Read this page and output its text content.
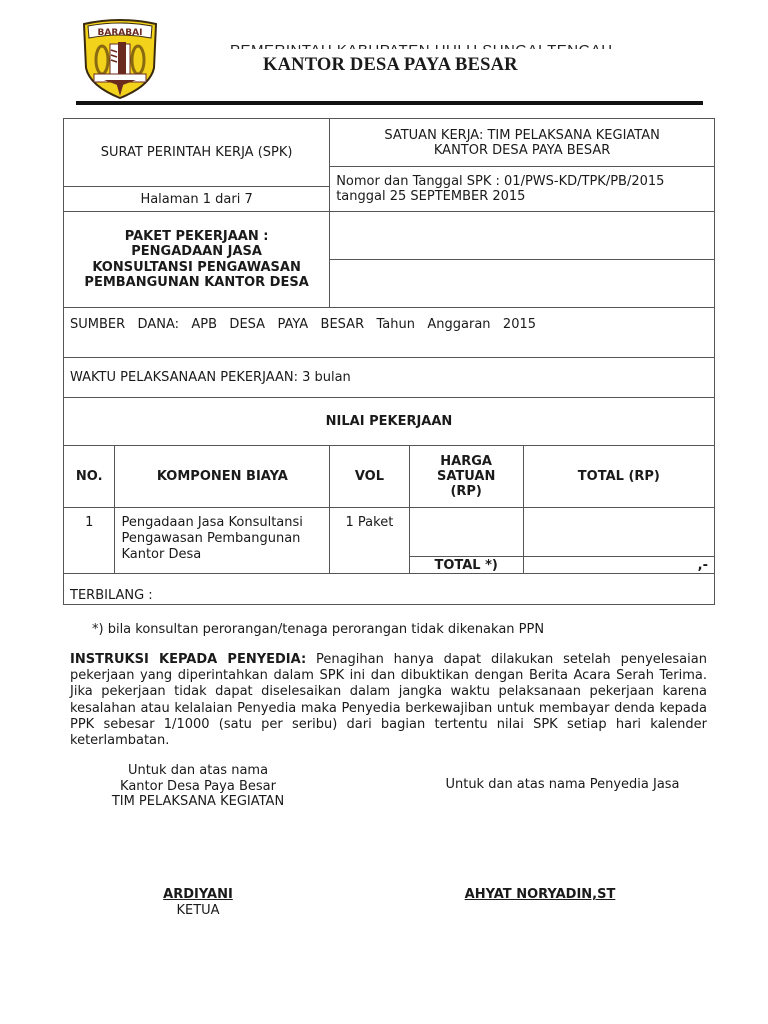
BARABAI
KANTOR DESA PAYA BESAR
SURAT PERINTAH KERJA (SPK)		SATUAN KERJA: TIM PELAKSANA KEGIATAN KANTOR DESA PAYA BESAR		

		Nomor dan Tanggal SPK : 01/PWS-KD/TPK/PB/2015
tanggal 25 SEPTEMBER 2015		

Halaman 1 dari 7				
PAKET PEKERJAAN : PENGADAAN JASA KONSULTANSI PENGAWASAN PEMBANGUNAN KANTOR DESA				

SUMBER   DANA:   APB   DESA   PAYA   BESAR   Tahun   Anggaran   2015				
WAKTU PELAKSANAAN PEKERJAAN: 3 bulan				
NILAI PEKERJAAN				
NO.	KOMPONEN BIAYA	VOL	HARGA SATUAN (RP)	TOTAL (RP)
1	Pengadaan Jasa Konsultansi Pengawasan Pembangunan Kantor Desa	1 Paket		
			TOTAL *)	,-
TERBILANG :				
*) bila konsultan perorangan/tenaga perorangan tidak dikenakan PPN
INSTRUKSI KEPADA PENYEDIA: Penagihan hanya dapat dilakukan setelah penyelesaian pekerjaan yang diperintahkan dalam SPK ini dan dibuktikan dengan Berita Acara Serah Terima. Jika pekerjaan tidak dapat diselesaikan dalam jangka waktu pelaksanaan pekerjaan karena kesalahan atau kelalaian Penyedia maka Penyedia berkewajiban untuk membayar denda kepada PPK sebesar 1/1000 (satu per seribu) dari bagian tertentu nilai SPK setiap hari kalender keterlambatan.
Untuk dan atas nama
Kantor Desa Paya Besar
TIM PELAKSANA KEGIATAN
Untuk dan atas nama Penyedia Jasa
ARDIYANI
KETUA
AHYAT NORYADIN,ST
